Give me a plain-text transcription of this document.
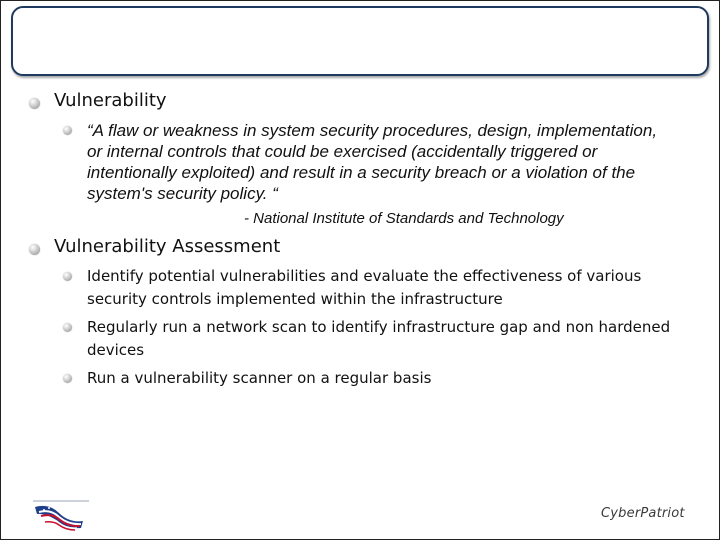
Vulnerability
“A flaw or weakness in system security procedures, design, implementation, or internal controls that could be exercised (accidentally triggered or intentionally exploited) and result in a security breach or a violation of the system's security policy. “
- National Institute of Standards and Technology
Vulnerability Assessment
Identify potential vulnerabilities and evaluate the effectiveness of various security controls implemented within the infrastructure
Regularly run a network scan to identify infrastructure gap and non hardened devices
Run a vulnerability scanner on a regular basis
CyberPatriot
